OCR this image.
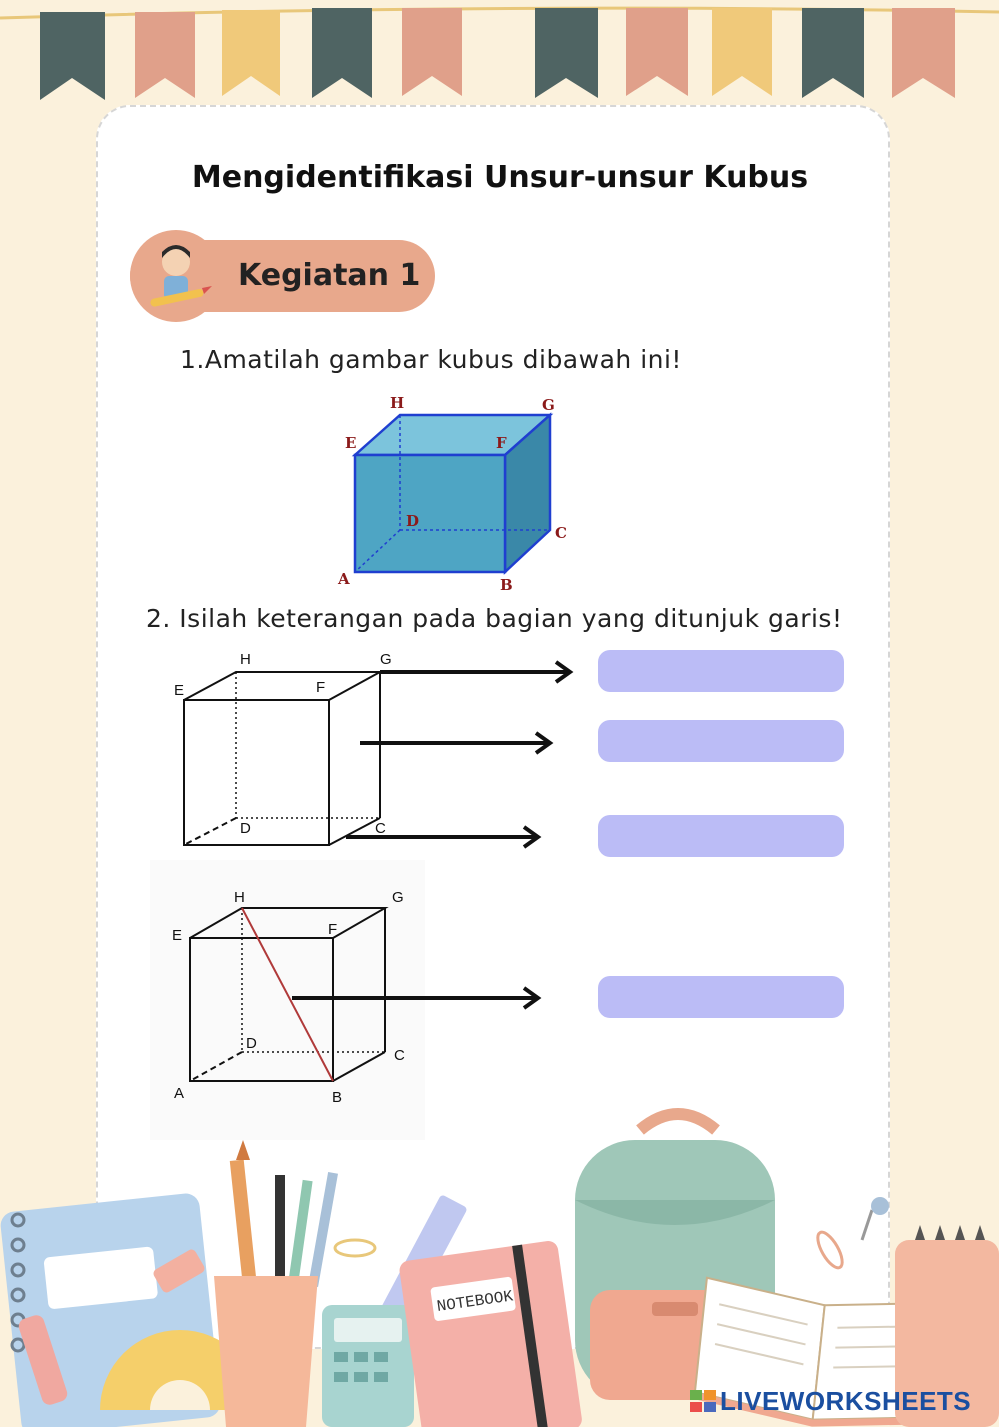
Mengidentifikasi Unsur-unsur Kubus
Kegiatan 1
1.Amatilah gambar kubus dibawah ini!
H	G
E	F
D
C
A	B
2. Isilah keterangan pada bagian yang ditunjuk garis!
H	G
E	F
D	C
H	G
E	F
D
C
A	B
NOTEBOOK
LIVEWORKSHEETS
